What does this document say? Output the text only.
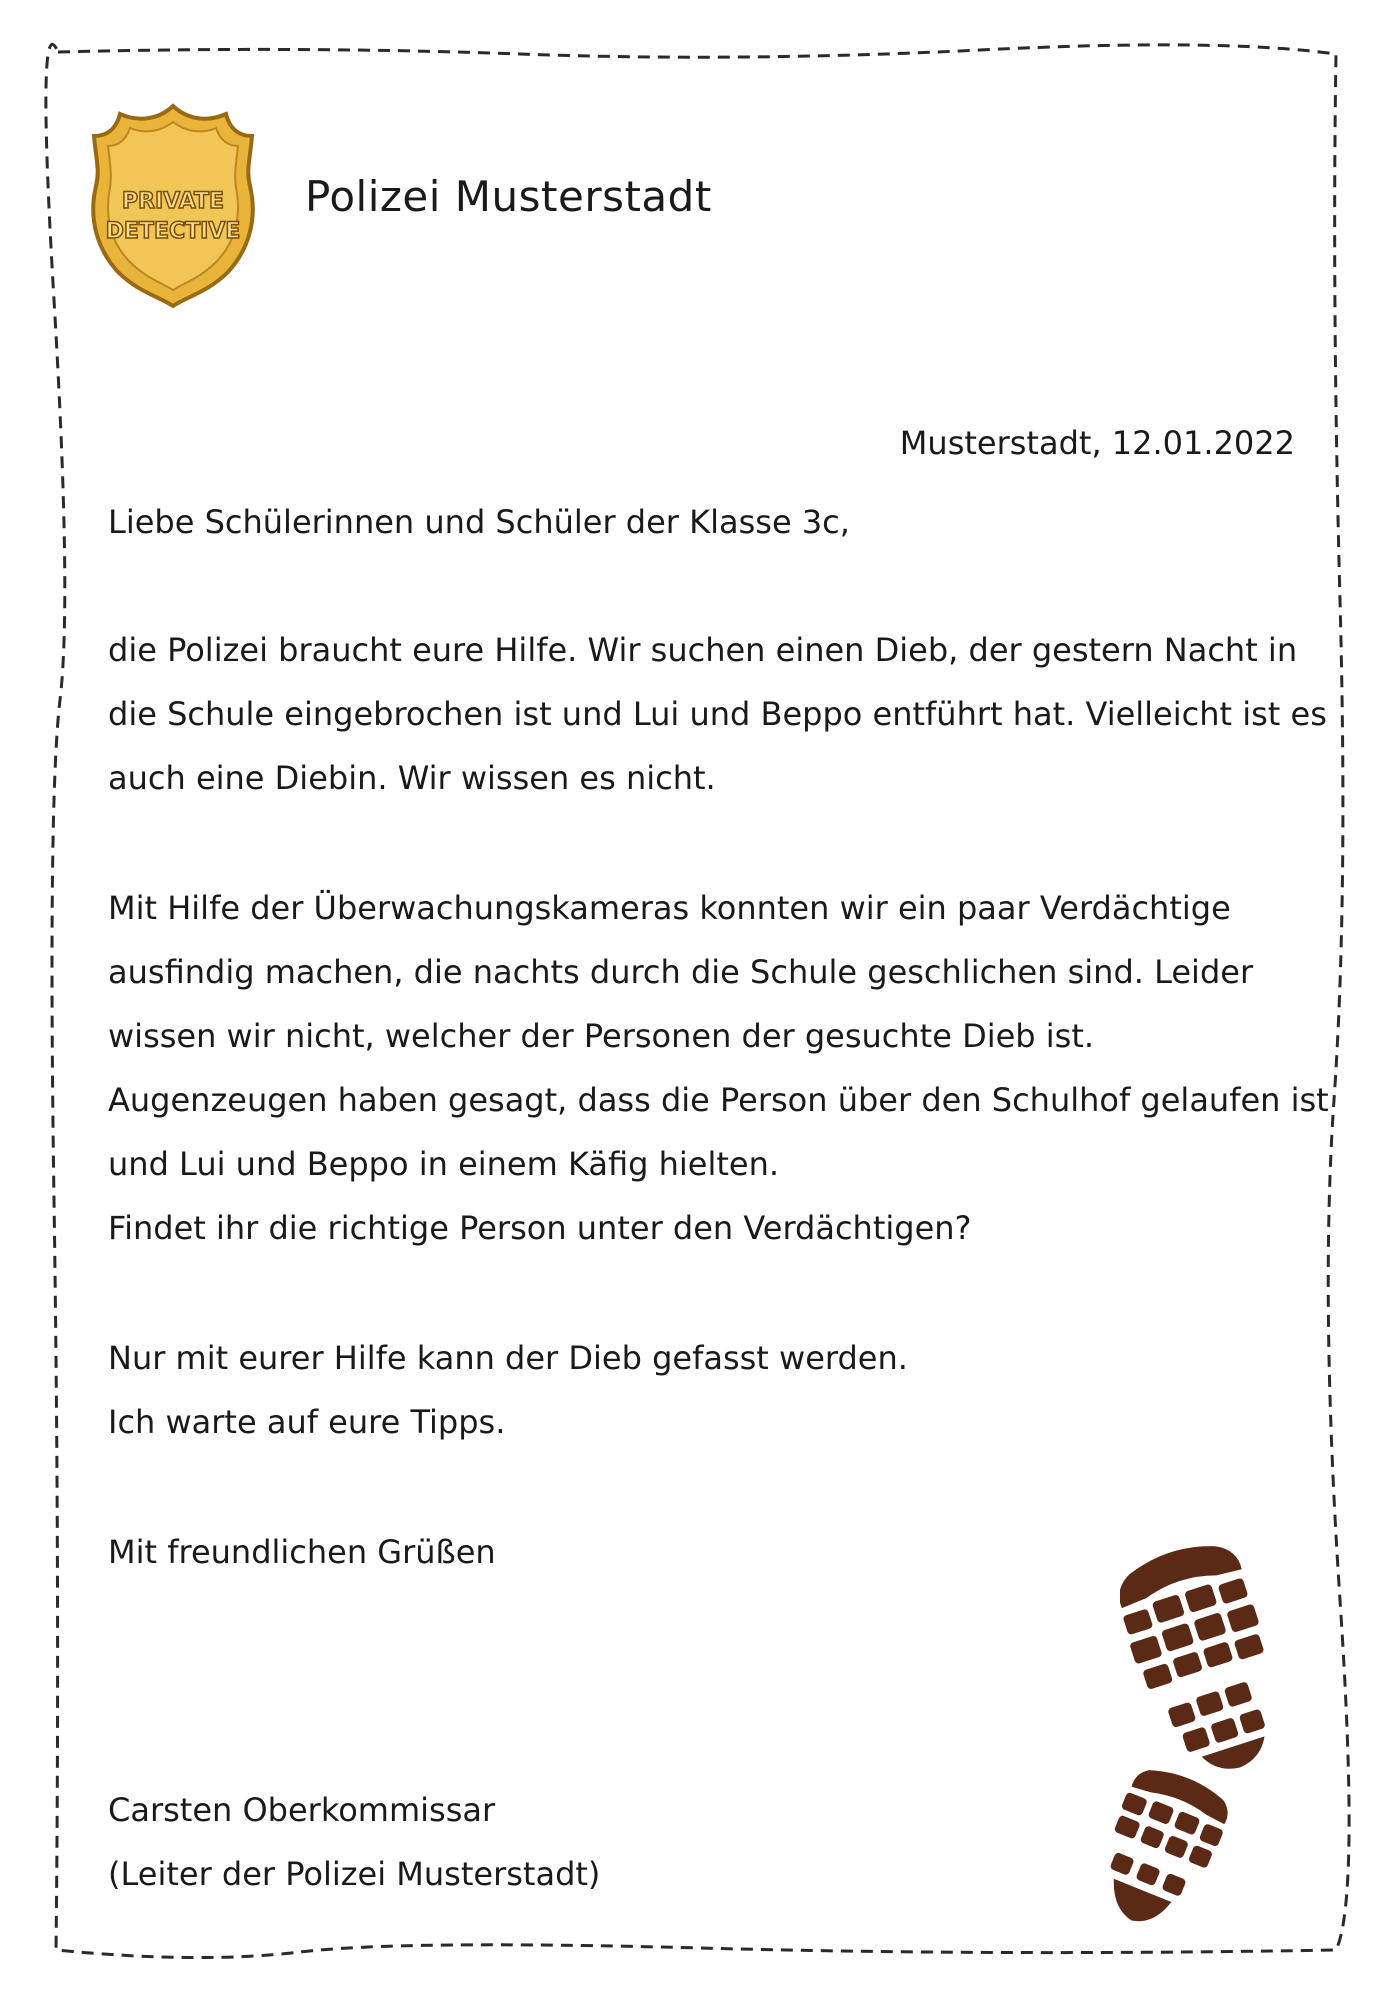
PRIVATE
DETECTIVE
Polizei Musterstadt
Musterstadt, 12.01.2022
Liebe Schülerinnen und Schüler der Klasse 3c,
die Polizei braucht eure Hilfe. Wir suchen einen Dieb, der gestern Nacht in
die Schule eingebrochen ist und Lui und Beppo entführt hat. Vielleicht ist es
auch eine Diebin. Wir wissen es nicht.
Mit Hilfe der Überwachungskameras konnten wir ein paar Verdächtige
ausfindig machen, die nachts durch die Schule geschlichen sind. Leider
wissen wir nicht, welcher der Personen der gesuchte Dieb ist.
Augenzeugen haben gesagt, dass die Person über den Schulhof gelaufen ist
und Lui und Beppo in einem Käfig hielten.
Findet ihr die richtige Person unter den Verdächtigen?
Nur mit eurer Hilfe kann der Dieb gefasst werden.
Ich warte auf eure Tipps.
Mit freundlichen Grüßen
Carsten Oberkommissar
(Leiter der Polizei Musterstadt)
